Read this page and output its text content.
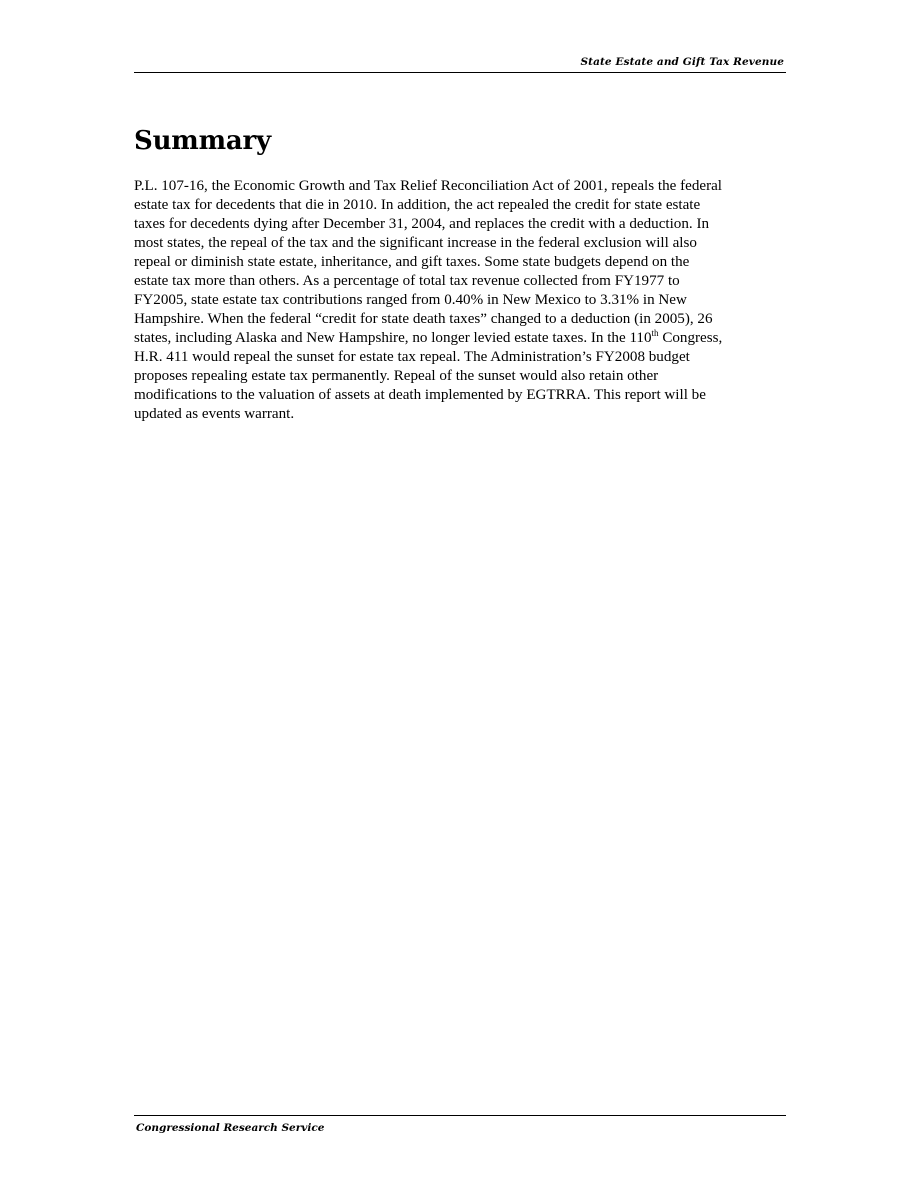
State Estate and Gift Tax Revenue
Summary
P.L. 107-16, the Economic Growth and Tax Relief Reconciliation Act of 2001, repeals the federal
estate tax for decedents that die in 2010. In addition, the act repealed the credit for state estate
taxes for decedents dying after December 31, 2004, and replaces the credit with a deduction. In
most states, the repeal of the tax and the significant increase in the federal exclusion will also
repeal or diminish state estate, inheritance, and gift taxes. Some state budgets depend on the
estate tax more than others. As a percentage of total tax revenue collected from FY1977 to
FY2005, state estate tax contributions ranged from 0.40% in New Mexico to 3.31% in New
Hampshire. When the federal “credit for state death taxes” changed to a deduction (in 2005), 26
states, including Alaska and New Hampshire, no longer levied estate taxes. In the 110th Congress,
H.R. 411 would repeal the sunset for estate tax repeal. The Administration’s FY2008 budget
proposes repealing estate tax permanently. Repeal of the sunset would also retain other
modifications to the valuation of assets at death implemented by EGTRRA. This report will be
updated as events warrant.
Congressional Research Service
